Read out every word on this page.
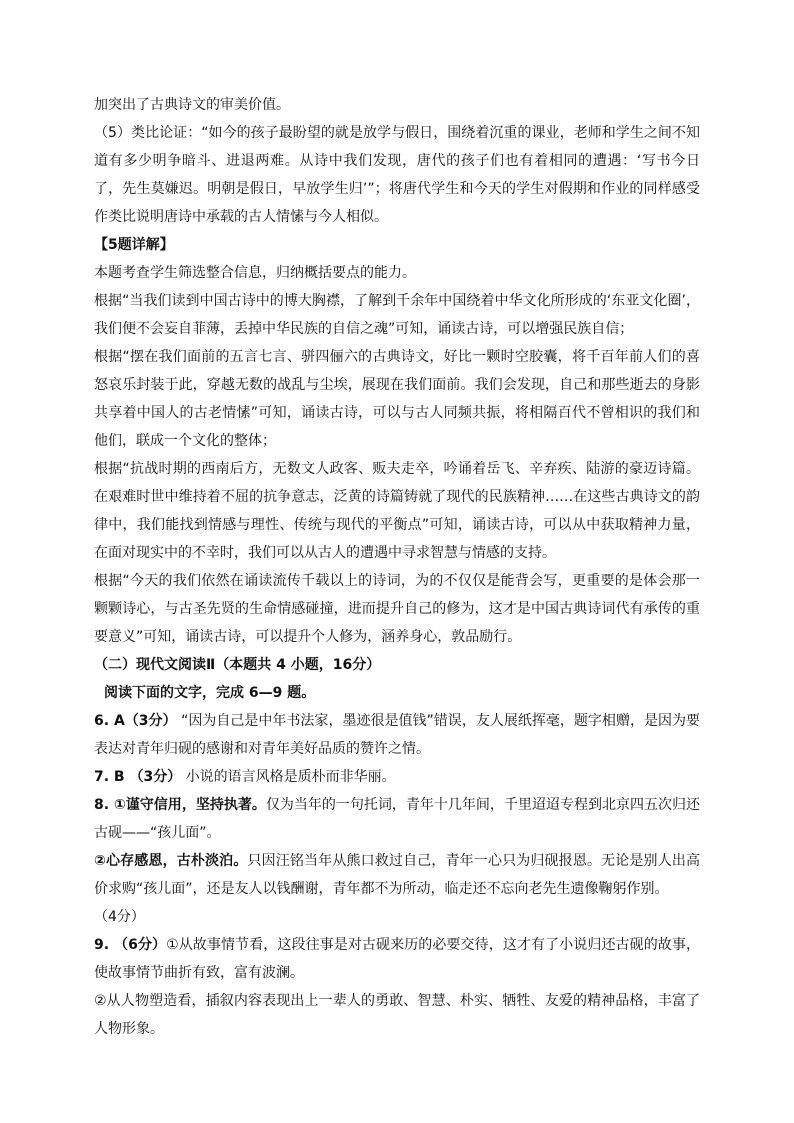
加突出了古典诗文的审美价值。

（5）类比论证：“如今的孩子最盼望的就是放学与假日，围绕着沉重的课业，老师和学生之间不知道有多少明争暗斗、进退两难。从诗中我们发现，唐代的孩子们也有着相同的遭遇：‘写书今日了，先生莫嫌迟。明朝是假日，早放学生归’”；将唐代学生和今天的学生对假期和作业的同样感受作类比说明唐诗中承载的古人情愫与今人相似。

【5题详解】

本题考查学生筛选整合信息，归纳概括要点的能力。

根据“当我们读到中国古诗中的博大胸襟，了解到千余年中国绕着中华文化所形成的‘东亚文化圈’，我们便不会妄自菲薄，丢掉中华民族的自信之魂”可知，诵读古诗，可以增强民族自信；

根据“摆在我们面前的五言七言、骈四俪六的古典诗文，好比一颗时空胶囊，将千百年前人们的喜怒哀乐封装于此，穿越无数的战乱与尘埃，展现在我们面前。我们会发现，自己和那些逝去的身影共享着中国人的古老情愫”可知，诵读古诗，可以与古人同频共振，将相隔百代不曾相识的我们和他们，联成一个文化的整体；

根据“抗战时期的西南后方，无数文人政客、贩夫走卒，吟诵着岳飞、辛弃疾、陆游的豪迈诗篇。在艰难时世中维持着不屈的抗争意志，泛黄的诗篇铸就了现代的民族精神……在这些古典诗文的韵律中，我们能找到情感与理性、传统与现代的平衡点”可知，诵读古诗，可以从中获取精神力量，在面对现实中的不幸时，我们可以从古人的遭遇中寻求智慧与情感的支持。

根据“今天的我们依然在诵读流传千载以上的诗词，为的不仅仅是能背会写，更重要的是体会那一颗颗诗心，与古圣先贤的生命情感碰撞，进而提升自己的修为，这才是中国古典诗词代有承传的重要意义”可知，诵读古诗，可以提升个人修为，涵养身心，敦品励行。

（二）现代文阅读Ⅱ（本题共 4 小题，16分）

阅读下面的文字，完成 6—9 题。

6. A（3分） “因为自己是中年书法家，墨迹很是值钱”错误，友人展纸挥毫，题字相赠，是因为要表达对青年归砚的感谢和对青年美好品质的赞许之情。

7. B （3分） 小说的语言风格是质朴而非华丽。

8. ①谨守信用，坚持执著。仅为当年的一句托词，青年十几年间，千里迢迢专程到北京四五次归还古砚——“孩儿面”。

②心存感恩，古朴淡泊。只因汪铭当年从熊口救过自己，青年一心只为归砚报恩。无论是别人出高价求购“孩儿面”，还是友人以钱酬谢，青年都不为所动，临走还不忘向老先生遗像鞠躬作别。

（4分）

9. （6分）①从故事情节看，这段往事是对古砚来历的必要交待，这才有了小说归还古砚的故事，使故事情节曲折有致，富有波澜。

②从人物塑造看，插叙内容表现出上一辈人的勇敢、智慧、朴实、牺牲、友爱的精神品格，丰富了人物形象。
